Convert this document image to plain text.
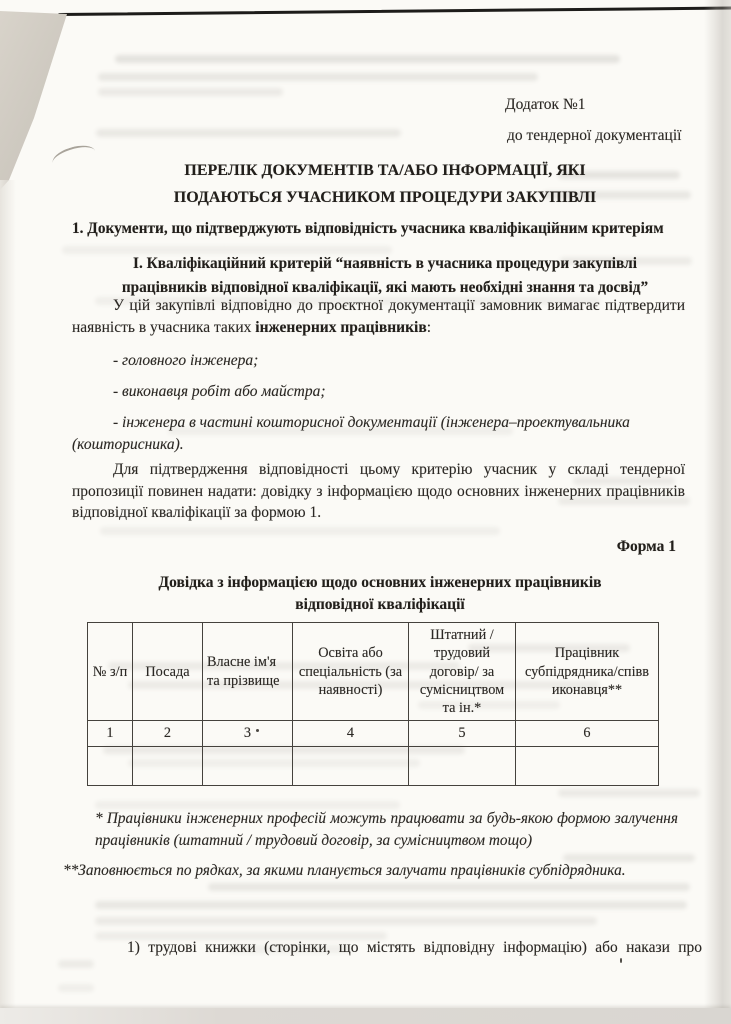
Додаток №1
до тендерної документації
ПЕРЕЛІК ДОКУМЕНТІВ ТА/АБО ІНФОРМАЦІЇ, ЯКІ
ПОДАЮТЬСЯ УЧАСНИКОМ ПРОЦЕДУРИ ЗАКУПІВЛІ
1. Документи, що підтверджують відповідність учасника кваліфікаційним критеріям
І. Кваліфікаційний критерій “наявність в учасника процедури закупівлі
працівників відповідної кваліфікації, які мають необхідні знання та досвід”

У цій закупівлі відповідно до проєктної документації замовник вимагає підтвердити наявність в учасника таких інженерних працівників:

- головного інженера;

- виконавця робіт або майстра;

- інженера в частині кошторисної документації (інженера–проектувальника (кошторисника).

Для підтвердження відповідності цьому критерію учасник у складі тендерної пропозиції повинен надати: довідку з інформацією щодо основних інженерних працівників відповідної кваліфікації за формою 1.

Форма 1
Довідка з інформацією щодо основних інженерних працівників
відповідної кваліфікації
№ з/п	Посада	Власне ім'я та прізвище	Освіта або спеціальність (за наявності)	Штатний / трудовий договір/ за сумісництвом та ін.*	Працівник субпідрядника/співв иконавця**
1	2	3	4	5	6

* Працівники інженерних професій можуть працювати за будь-якою формою залучення працівників (штатний / трудовий договір, за сумісництвом тощо)

**Заповнюється по рядках, за якими планується залучати працівників субпідрядника.

1) трудові книжки (сторінки, що містять відповідну інформацію) або накази про
